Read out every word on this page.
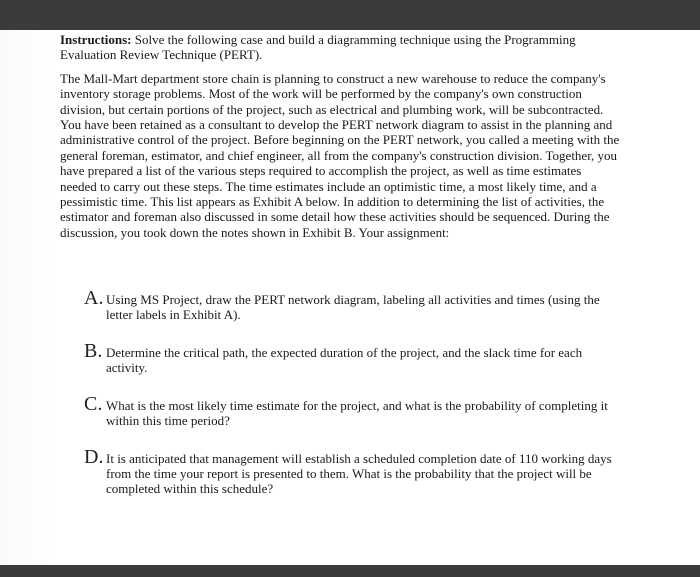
Instructions: Solve the following case and build a diagramming technique using the Programming Evaluation Review Technique (PERT).

The Mall-Mart department store chain is planning to construct a new warehouse to reduce the company's inventory storage problems. Most of the work will be performed by the company's own construction division, but certain portions of the project, such as electrical and plumbing work, will be subcontracted. You have been retained as a consultant to develop the PERT network diagram to assist in the planning and administrative control of the project. Before beginning on the PERT network, you called a meeting with the general foreman, estimator, and chief engineer, all from the company's construction division. Together, you have prepared a list of the various steps required to accomplish the project, as well as time estimates needed to carry out these steps. The time estimates include an optimistic time, a most likely time, and a pessimistic time. This list appears as Exhibit A below. In addition to determining the list of activities, the estimator and foreman also discussed in some detail how these activities should be sequenced. During the discussion, you took down the notes shown in Exhibit B. Your assignment:

A. Using MS Project, draw the PERT network diagram, labeling all activities and times (using the letter labels in Exhibit A).
B. Determine the critical path, the expected duration of the project, and the slack time for each activity.
C. What is the most likely time estimate for the project, and what is the probability of completing it within this time period?
D. It is anticipated that management will establish a scheduled completion date of 110 working days from the time your report is presented to them. What is the probability that the project will be completed within this schedule?
